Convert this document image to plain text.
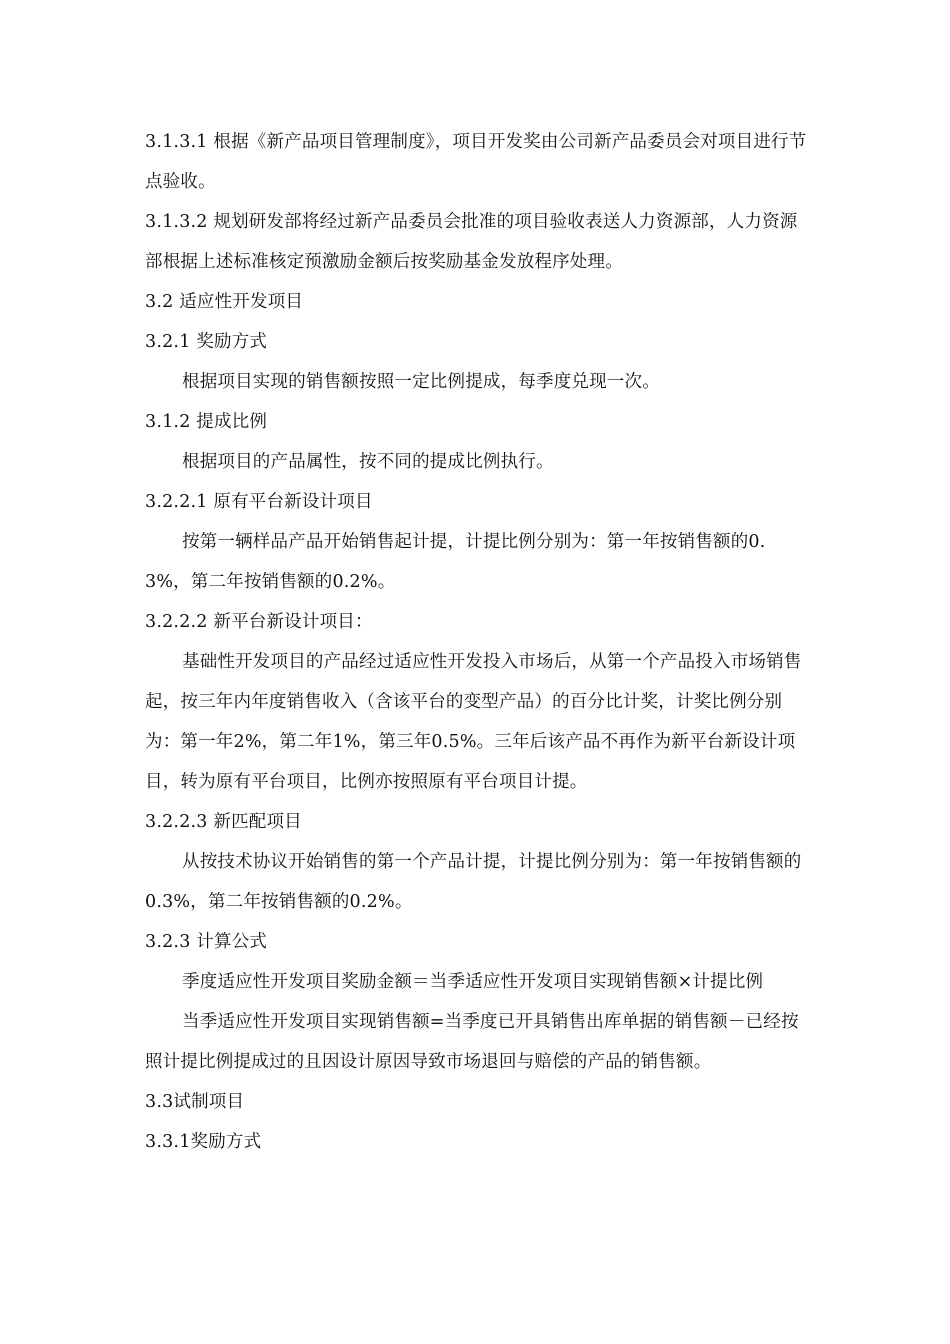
3.1.3.1 根据《新产品项目管理制度》，项目开发奖由公司新产品委员会对项目进行节点验收。

3.1.3.2 规划研发部将经过新产品委员会批准的项目验收表送人力资源部，人力资源部根据上述标准核定预激励金额后按奖励基金发放程序处理。

3.2 适应性开发项目

3.2.1 奖励方式

根据项目实现的销售额按照一定比例提成，每季度兑现一次。

3.1.2 提成比例

根据项目的产品属性，按不同的提成比例执行。

3.2.2.1 原有平台新设计项目

按第一辆样品产品开始销售起计提，计提比例分别为：第一年按销售额的0.3%，第二年按销售额的0.2%。

3.2.2.2 新平台新设计项目：

基础性开发项目的产品经过适应性开发投入市场后，从第一个产品投入市场销售起，按三年内年度销售收入（含该平台的变型产品）的百分比计奖，计奖比例分别为：第一年2%，第二年1%，第三年0.5%。三年后该产品不再作为新平台新设计项目，转为原有平台项目，比例亦按照原有平台项目计提。

3.2.2.3 新匹配项目

从按技术协议开始销售的第一个产品计提，计提比例分别为：第一年按销售额的0.3%，第二年按销售额的0.2%。

3.2.3 计算公式

季度适应性开发项目奖励金额＝当季适应性开发项目实现销售额×计提比例

当季适应性开发项目实现销售额=当季度已开具销售出库单据的销售额－已经按照计提比例提成过的且因设计原因导致市场退回与赔偿的产品的销售额。

3.3试制项目

3.3.1奖励方式
